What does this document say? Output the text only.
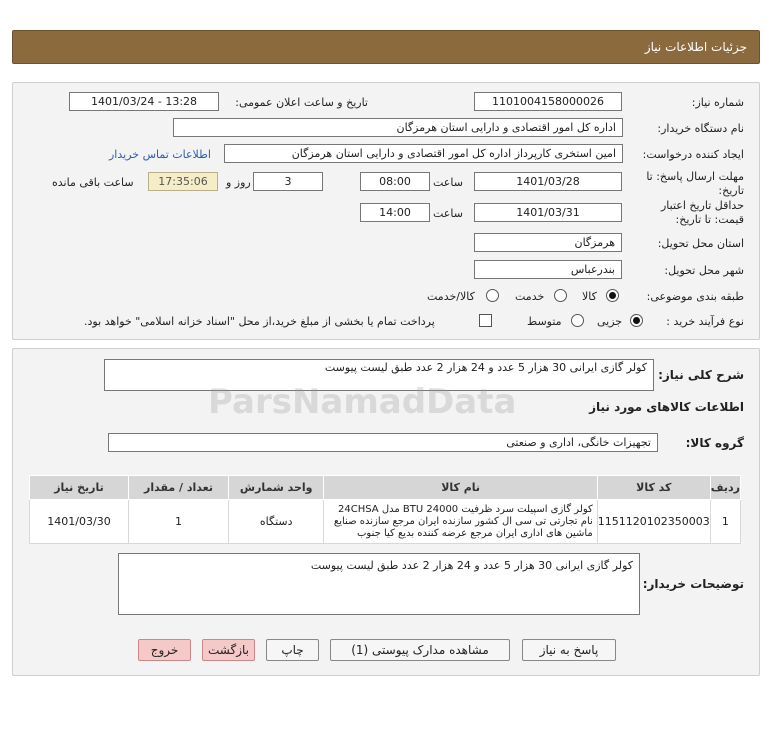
جزئیات اطلاعات نیاز
شماره نیاز:
1101004158000026
تاریخ و ساعت اعلان عمومی:
1401/03/24 - 13:28
نام دستگاه خریدار:
اداره کل امور اقتصادی و دارایی استان هرمزگان
ایجاد کننده درخواست:
امین استخری کارپرداز اداره کل امور اقتصادی و دارایی استان هرمزگان
اطلاعات تماس خریدار
مهلت ارسال پاسخ: تا تاریخ:
1401/03/28
ساعت
08:00
3
روز و
17:35:06
ساعت باقی مانده
حداقل تاریخ اعتبار قیمت: تا تاریخ:
1401/03/31
ساعت
14:00
استان محل تحویل:
هرمزگان
شهر محل تحویل:
بندرعباس
طبقه بندی موضوعی:
کالا
خدمت
کالا/خدمت
نوع فرآیند خرید :
جزیی
متوسط
پرداخت تمام یا بخشی از مبلغ خرید،از محل "اسناد خزانه اسلامی" خواهد بود.
شرح کلی نیاز:
کولر گازی ایرانی 30 هزار 5 عدد و 24 هزار 2 عدد طبق لیست پیوست
اطلاعات کالاهای مورد نیاز
گروه کالا:
تجهیزات خانگی، اداری و صنعتی
ردیف	کد کالا	نام کالا	واحد شمارش	تعداد / مقدار	تاریخ نیاز
1	1151120102350003	کولر گازی اسپیلت سرد ظرفیت BTU 24000 مدل 24CHSA نام تجارتی تی سی ال کشور سازنده ایران مرجع سازنده صنایع ماشین های اداری ایران مرجع عرضه کننده بدیع کیا جنوب	دستگاه	1	1401/03/30
توضیحات خریدار:
کولر گازی ایرانی 30 هزار 5 عدد و 24 هزار 2 عدد طبق لیست پیوست
پاسخ به نیاز
مشاهده مدارک پیوستی (1)
چاپ
بازگشت
خروج
ParsNamadData
